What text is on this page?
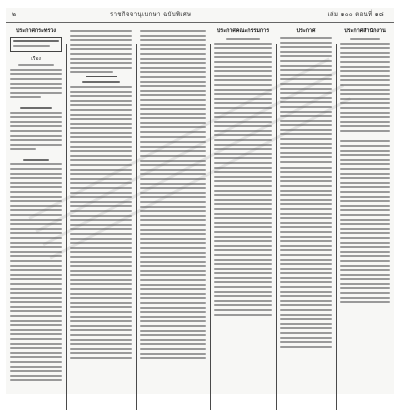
๒	ราชกิจจานุเบกษา ฉบับพิเศษ	เล่ม ๑๐๐ ตอนที่ ๑๘
ประกาศกระทรวง
เรื่อง
ประกาศคณะกรรมการ	ประกาศ	ประกาศสำนักงาน
